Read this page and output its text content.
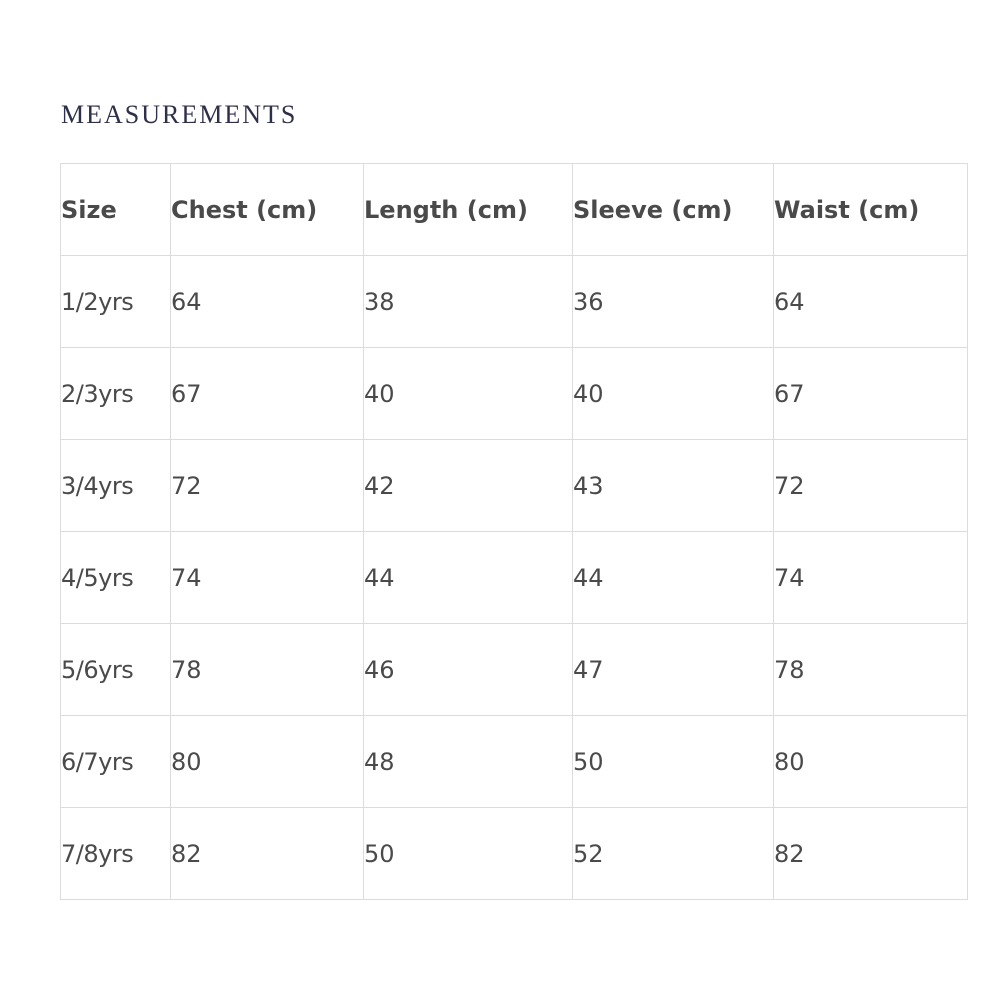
MEASUREMENTS
Size	Chest (cm)	Length (cm)	Sleeve (cm)	Waist (cm)
1/2yrs	64	38	36	64
2/3yrs	67	40	40	67
3/4yrs	72	42	43	72
4/5yrs	74	44	44	74
5/6yrs	78	46	47	78
6/7yrs	80	48	50	80
7/8yrs	82	50	52	82
